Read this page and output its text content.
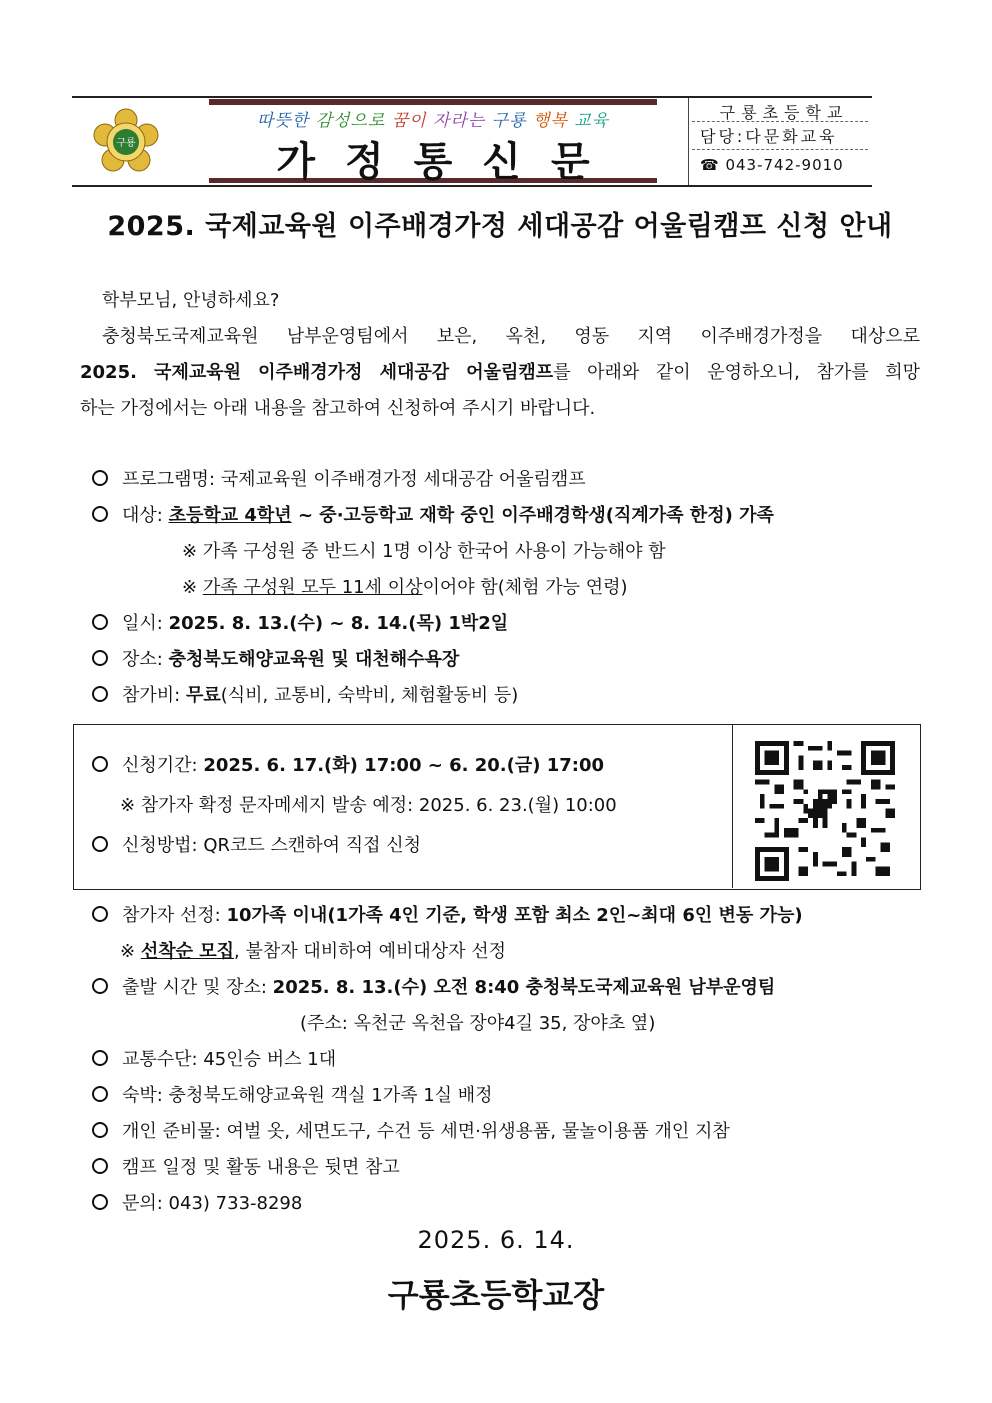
구룡
따뜻한 감성으로 꿈이 자라는 구룡 행복 교육
가정통신문
구룡초등학교
담당:다문화교육
☎ 043-742-9010
2025. 국제교육원 이주배경가정 세대공감 어울림캠프 신청 안내
학부모님, 안녕하세요?
충청북도국제교육원 남부운영팀에서 보은, 옥천, 영동 지역 이주배경가정을 대상으로
2025. 국제교육원 이주배경가정 세대공감 어울림캠프를 아래와 같이 운영하오니, 참가를 희망
하는 가정에서는 아래 내용을 참고하여 신청하여 주시기 바랍니다.
프로그램명: 국제교육원 이주배경가정 세대공감 어울림캠프
대상: 초등학교 4학년 ~ 중·고등학교 재학 중인 이주배경학생(직계가족 한정) 가족
※ 가족 구성원 중 반드시 1명 이상 한국어 사용이 가능해야 함
※ 가족 구성원 모두 11세 이상이어야 함(체험 가능 연령)
일시: 2025. 8. 13.(수) ~ 8. 14.(목) 1박2일
장소: 충청북도해양교육원 및 대천해수욕장
참가비: 무료(식비, 교통비, 숙박비, 체험활동비 등)
신청기간: 2025. 6. 17.(화) 17:00 ~ 6. 20.(금) 17:00
※ 참가자 확정 문자메세지 발송 예정: 2025. 6. 23.(월) 10:00
신청방법: QR코드 스캔하여 직접 신청
참가자 선정: 10가족 이내(1가족 4인 기준, 학생 포함 최소 2인~최대 6인 변동 가능)
※ 선착순 모집, 불참자 대비하여 예비대상자 선정
출발 시간 및 장소: 2025. 8. 13.(수) 오전 8:40 충청북도국제교육원 남부운영팀
(주소: 옥천군 옥천읍 장야4길 35, 장야초 옆)
교통수단: 45인승 버스 1대
숙박: 충청북도해양교육원 객실 1가족 1실 배정
개인 준비물: 여벌 옷, 세면도구, 수건 등 세면·위생용품, 물놀이용품 개인 지참
캠프 일정 및 활동 내용은 뒷면 참고
문의: 043) 733-8298
2025. 6. 14.
구룡초등학교장
